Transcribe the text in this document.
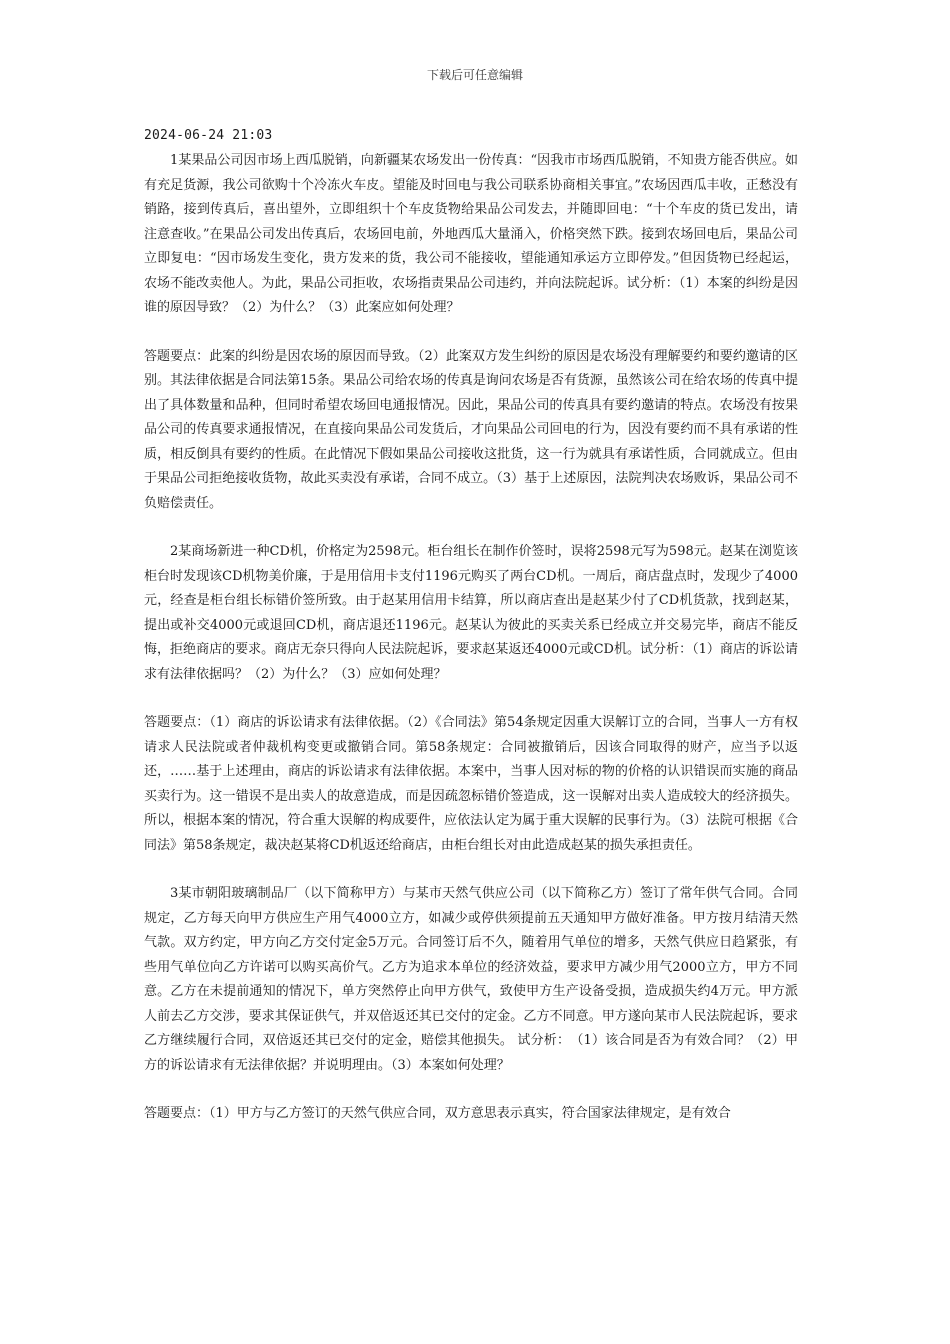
下载后可任意编辑
2024-06-24 21:03

1某果品公司因市场上西瓜脱销，向新疆某农场发出一份传真：“因我市市场西瓜脱销，不知贵方能否供应。如有充足货源，我公司欲购十个冷冻火车皮。望能及时回电与我公司联系协商相关事宜。”农场因西瓜丰收，正愁没有销路，接到传真后，喜出望外，立即组织十个车皮货物给果品公司发去，并随即回电：“十个车皮的货已发出，请注意查收。”在果品公司发出传真后，农场回电前，外地西瓜大量涌入，价格突然下跌。接到农场回电后，果品公司立即复电：“因市场发生变化，贵方发来的货，我公司不能接收，望能通知承运方立即停发。”但因货物已经起运，农场不能改卖他人。为此，果品公司拒收，农场指责果品公司违约，并向法院起诉。试分析：（1）本案的纠纷是因谁的原因导致？（2）为什么？（3）此案应如何处理？

答题要点：此案的纠纷是因农场的原因而导致。（2）此案双方发生纠纷的原因是农场没有理解要约和要约邀请的区别。其法律依据是合同法第15条。果品公司给农场的传真是询问农场是否有货源，虽然该公司在给农场的传真中提出了具体数量和品种，但同时希望农场回电通报情况。因此，果品公司的传真具有要约邀请的特点。农场没有按果品公司的传真要求通报情况，在直接向果品公司发货后，才向果品公司回电的行为，因没有要约而不具有承诺的性质，相反倒具有要约的性质。在此情况下假如果品公司接收这批货，这一行为就具有承诺性质，合同就成立。但由于果品公司拒绝接收货物，故此买卖没有承诺，合同不成立。（3）基于上述原因，法院判决农场败诉，果品公司不负赔偿责任。

2某商场新进一种CD机，价格定为2598元。柜台组长在制作价签时，误将2598元写为598元。赵某在浏览该柜台时发现该CD机物美价廉，于是用信用卡支付1196元购买了两台CD机。一周后，商店盘点时，发现少了4000元，经查是柜台组长标错价签所致。由于赵某用信用卡结算，所以商店查出是赵某少付了CD机货款，找到赵某，提出或补交4000元或退回CD机，商店退还1196元。赵某认为彼此的买卖关系已经成立并交易完毕，商店不能反悔，拒绝商店的要求。商店无奈只得向人民法院起诉，要求赵某返还4000元或CD机。试分析：（1）商店的诉讼请求有法律依据吗？（2）为什么？（3）应如何处理？

答题要点：（1）商店的诉讼请求有法律依据。（2）《合同法》第54条规定因重大误解订立的合同，当事人一方有权请求人民法院或者仲裁机构变更或撤销合同。第58条规定：合同被撤销后，因该合同取得的财产，应当予以返还，……基于上述理由，商店的诉讼请求有法律依据。本案中，当事人因对标的物的价格的认识错误而实施的商品买卖行为。这一错误不是出卖人的故意造成，而是因疏忽标错价签造成，这一误解对出卖人造成较大的经济损失。所以，根据本案的情况，符合重大误解的构成要件，应依法认定为属于重大误解的民事行为。（3）法院可根据《合同法》第58条规定，裁决赵某将CD机返还给商店，由柜台组长对由此造成赵某的损失承担责任。

3某市朝阳玻璃制品厂（以下简称甲方）与某市天然气供应公司（以下简称乙方）签订了常年供气合同。合同规定，乙方每天向甲方供应生产用气4000立方，如减少或停供须提前五天通知甲方做好准备。甲方按月结清天然气款。双方约定，甲方向乙方交付定金5万元。合同签订后不久，随着用气单位的增多，天然气供应日趋紧张，有些用气单位向乙方许诺可以购买高价气。乙方为追求本单位的经济效益，要求甲方减少用气2000立方，甲方不同意。乙方在未提前通知的情况下，单方突然停止向甲方供气，致使甲方生产设备受损，造成损失约4万元。甲方派人前去乙方交涉，要求其保证供气，并双倍返还其已交付的定金。乙方不同意。甲方遂向某市人民法院起诉，要求乙方继续履行合同，双倍返还其已交付的定金，赔偿其他损失。 试分析：　（1）该合同是否为有效合同？（2）甲方的诉讼请求有无法律依据？并说明理由。（3）本案如何处理？

答题要点：（1）甲方与乙方签订的天然气供应合同，双方意思表示真实，符合国家法律规定，是有效合
